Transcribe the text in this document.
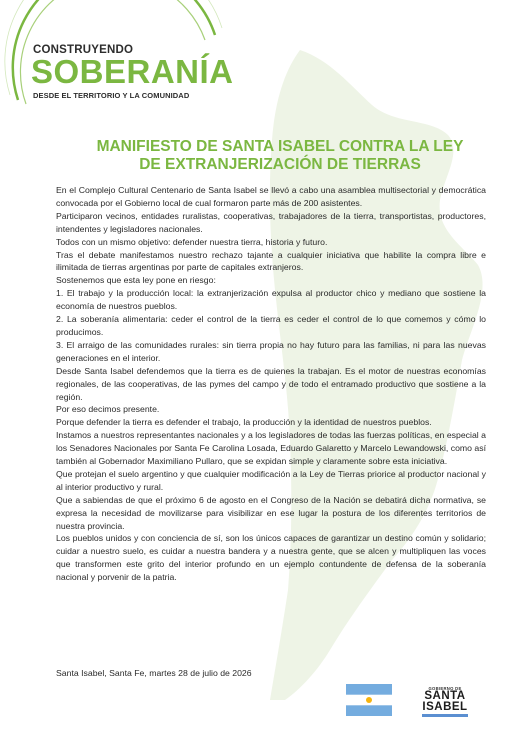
CONSTRUYENDO
SOBERANÍA
DESDE EL TERRITORIO Y LA COMUNIDAD
MANIFIESTO DE SANTA ISABEL CONTRA LA LEY
DE EXTRANJERIZACIÓN DE TIERRAS

En el Complejo Cultural Centenario de Santa Isabel se llevó a cabo una asamblea multisectorial y democrática convocada por el Gobierno local de cual formaron parte más de 200 asistentes.

Participaron vecinos, entidades ruralistas, cooperativas, trabajadores de la tierra, transportistas, productores, intendentes y legisladores nacionales.

Todos con un mismo objetivo: defender nuestra tierra, historia y futuro.

Tras el debate manifestamos nuestro rechazo tajante a cualquier iniciativa que habilite la compra libre e ilimitada de tierras argentinas por parte de capitales extranjeros.

Sostenemos que esta ley pone en riesgo:

1. El trabajo y la producción local: la extranjerización expulsa al productor chico y mediano que sostiene la economía de nuestros pueblos.

2. La soberanía alimentaria: ceder el control de la tierra es ceder el control de lo que comemos y cómo lo producimos.

3. El arraigo de las comunidades rurales: sin tierra propia no hay futuro para las familias, ni para las nuevas generaciones en el interior.

Desde Santa Isabel defendemos que la tierra es de quienes la trabajan. Es el motor de nuestras economías regionales, de las cooperativas, de las pymes del campo y de todo el entramado productivo que sostiene a la región.

Por eso decimos presente.

Porque defender la tierra es defender el trabajo, la producción y la identidad de nuestros pueblos.

Instamos a nuestros representantes nacionales y a los legisladores de todas las fuerzas políticas, en especial a los Senadores Nacionales por Santa Fe Carolina Losada, Eduardo Galaretto y Marcelo Lewandowski, como así también al Gobernador Maximiliano Pullaro, que se expidan simple y claramente sobre esta iniciativa.

Que protejan el suelo argentino y que cualquier modificación a la Ley de Tierras priorice al productor nacional y al interior productivo y rural.

Que a sabiendas de que el próximo 6 de agosto en el Congreso de la Nación se debatirá dicha normativa, se expresa la necesidad de movilizarse para visibilizar en ese lugar la postura de los diferentes territorios de nuestra provincia.

Los pueblos unidos y con conciencia de sí, son los únicos capaces de garantizar un destino común y solidario; cuidar a nuestro suelo, es cuidar a nuestra bandera y a nuestra gente, que se alcen y multipliquen las voces que transformen este grito del interior profundo en un ejemplo contundente de defensa de la soberanía nacional y porvenir de la patria.

Santa Isabel, Santa Fe, martes 28 de julio de 2026
GOBIERNO DE
SANTA
ISABEL
